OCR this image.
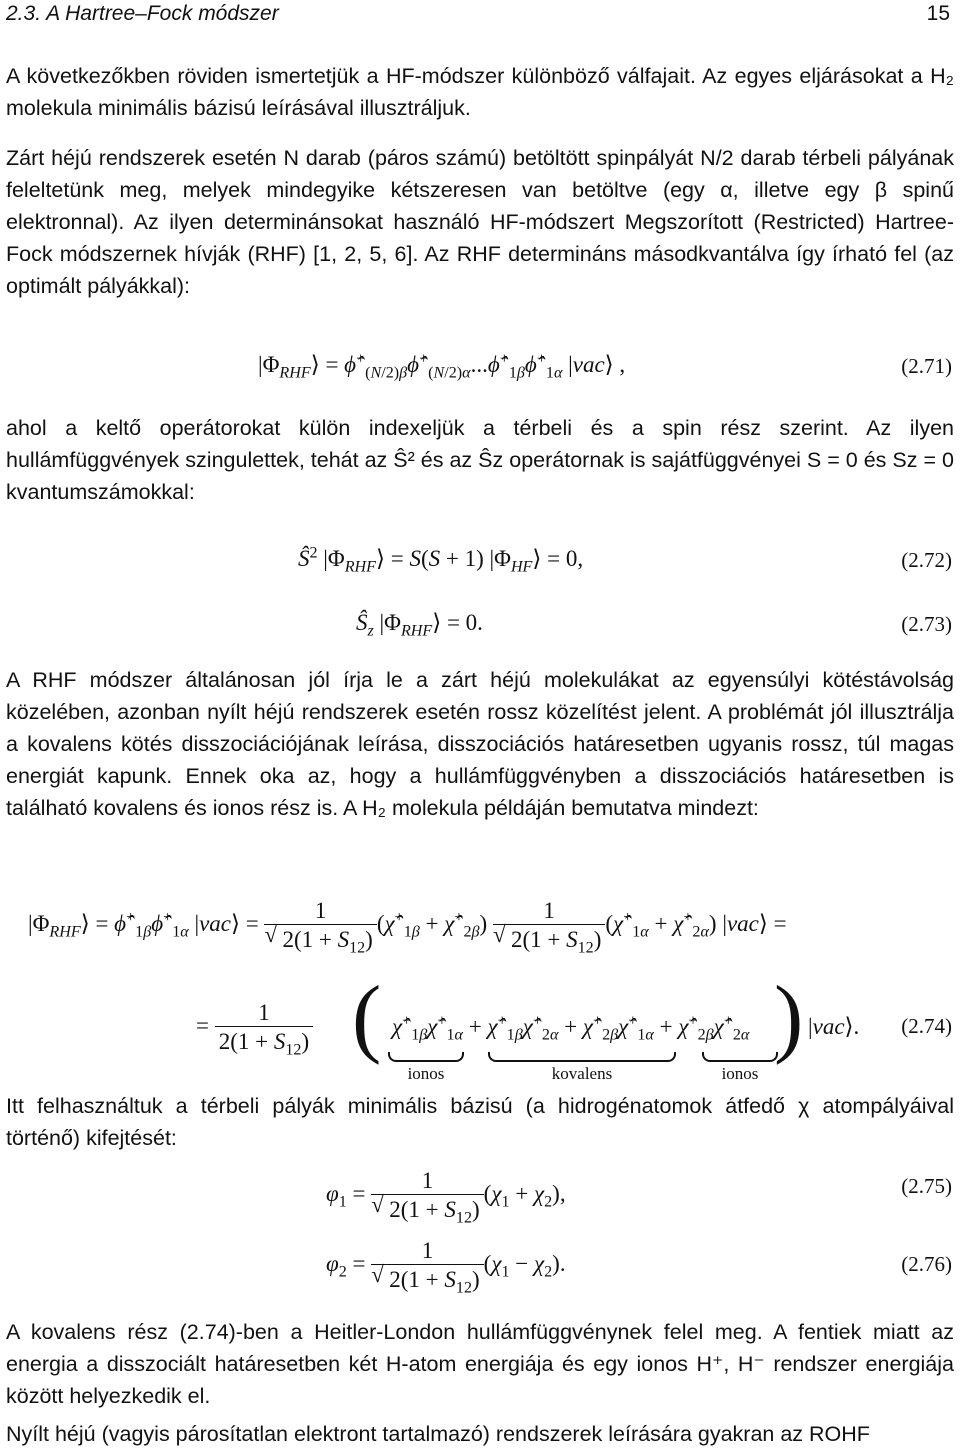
2.3. A Hartree–Fock módszer	15

A következőkben röviden ismertetjük a HF-módszer különböző válfajait. Az egyes eljárásokat a H₂ molekula minimális bázisú leírásával illusztráljuk.

Zárt héjú rendszerek esetén N darab (páros számú) betöltött spinpályát N/2 darab térbeli pályának feleltetünk meg, melyek mindegyike kétszeresen van betöltve (egy α, illetve egy β spinű elektronnal). Az ilyen determinánsokat használó HF-módszert Megszorított (Restricted) Hartree-Fock módszernek hívják (RHF) [1, 2, 5, 6]. Az RHF determináns másodkvantálva így írható fel (az optimált pályákkal):

$|\Phi_{RHF}⟩$ = $\phî^+_{(N/2)\beta}\phî^+_{(N/2)\alpha}...\phî^+_{1\beta}\phî^+_{1\alpha}$ |vac⟩ ,	(2.71)

ahol a keltő operátorokat külön indexeljük a térbeli és a spin rész szerint. Az ilyen hullámfüggvények szingulettek, tehát az Ŝ² és az Ŝz operátornak is sajátfüggvényei S = 0 és Sz = 0 kvantumszámokkal:

Ŝ$^2$ $|\Phi_{RHF}⟩ = S(S + 1)$ $|\Phi_{HF}⟩ = 0$,	(2.72)
$Ŝ_z$ $|\Phi_{RHF}⟩ = 0$.	(2.73)

A RHF módszer általánosan jól írja le a zárt héjú molekulákat az egyensúlyi kötéstávolság közelében, azonban nyílt héjú rendszerek esetén rossz közelítést jelent. A problémát jól illusztrálja a kovalens kötés disszociációjának leírása, disszociációs határesetben ugyanis rossz, túl magas energiát kapunk. Ennek oka az, hogy a hullámfüggvényben a disszociációs határesetben is található kovalens és ionos rész is. A H₂ molekula példáján bemutatva mindezt:

$|\Phi_{RHF}⟩$ = $\phî^+_{1\beta}\phî^+_{1\alpha}$ |vac⟩ = $\frac{1}{√ 2(1 + S_{12})}$ ($\chî^+_{1\beta}$ + $\chî^+_{2\beta}) \frac{1}{√ 2(1 + S_{12})}$ ($\chî^+_{1\alpha}$ + $\chî^+_{2\alpha}$) |vac⟩ =
= $\frac{1}{2(1 + S_{12})}$ ( $\chî^+_{1\beta}\chî^+_{1\alpha}$ + $\chî^+_{1\beta}\chî^+_{2\alpha}$ + $\chî^+_{2\beta}\chî^+_{1\alpha}$ + $\chî^+_{2\beta}\chî^+_{2\alpha}$ ) |vac⟩. (2.74)
ionos	kovalens	ionos

Itt felhasználtuk a térbeli pályák minimális bázisú (a hidrogénatomok átfedő χ atompályáival történő) kifejtését:

$\varphi_1 = \frac{1}{√ 2(1 + S_{12})} (\chi_1 + \chi_2)$,	(2.75)
$\varphi_2 = \frac{1}{√ 2(1 + S_{12})} (\chi_1 - \chi_2)$.	(2.76)

A kovalens rész (2.74)-ben a Heitler-London hullámfüggvénynek felel meg. A fentiek miatt az energia a disszociált határesetben két H-atom energiája és egy ionos H⁺, H⁻ rendszer energiája között helyezkedik el.

Nyílt héjú (vagyis párosítatlan elektront tartalmazó) rendszerek leírására gyakran az ROHF
